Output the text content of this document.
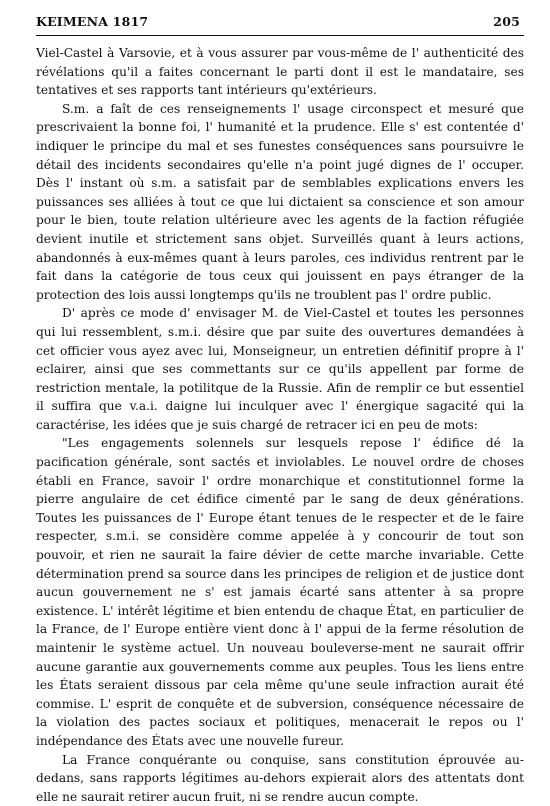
KEIMENA 1817	205

Viel-Castel à Varsovie, et à vous assurer par vous-même de l' authenticité des révélations qu'il a faites concernant le parti dont il est le mandataire, ses tentatives et ses rapports tant intérieurs qu'extérieurs.

S.m. a faît de ces renseignements l' usage circonspect et mesuré que prescrivaient la bonne foi, l' humanité et la prudence. Elle s' est contentée d' indiquer le principe du mal et ses funestes conséquences sans poursuivre le détail des incidents secondaires qu'elle n'a point jugé dignes de l' occuper. Dès l' instant où s.m. a satisfait par de semblables explications envers les puissances ses alliées à tout ce que lui dictaient sa conscience et son amour pour le bien, toute relation ultérieure avec les agents de la faction réfugiée devient inutile et strictement sans objet. Surveillés quant à leurs actions, abandonnés à eux-mêmes quant à leurs paroles, ces individus rentrent par le fait dans la catégorie de tous ceux qui jouissent en pays étranger de la protection des lois aussi longtemps qu'ils ne troublent pas l' ordre public.

D' après ce mode d' envisager M. de Viel-Castel et toutes les personnes qui lui ressemblent, s.m.i. désire que par suite des ouvertures demandées à cet officier vous ayez avec lui, Monseigneur, un entretien définitif propre à l' eclairer, ainsi que ses commettants sur ce qu'ils appellent par forme de restriction mentale, la potilitque de la Russie. Afin de remplir ce but essentiel il suffira que v.a.i. daigne lui inculquer avec l' énergique sagacité qui la caractérise, les idées que je suis chargé de retracer ici en peu de mots:

"Les engagements solennels sur lesquels repose l' édifice dé la pacification générale, sont sactés et inviolables. Le nouvel ordre de choses établi en France, savoir l' ordre monarchique et constitutionnel forme la pierre angulaire de cet édifice cimenté par le sang de deux générations. Toutes les puissances de l' Europe étant tenues de le respecter et de le faire respecter, s.m.i. se considère comme appelée à y concourir de tout son pouvoir, et rien ne saurait la faire dévier de cette marche invariable. Cette détermination prend sa source dans les principes de religion et de justice dont aucun gouvernement ne s' est jamais écarté sans attenter à sa propre existence. L' intérêt légitime et bien entendu de chaque État, en particulier de la France, de l' Europe entière vient donc à l' appui de la ferme résolution de maintenir le système actuel. Un nouveau bouleverse-ment ne saurait offrir aucune garantie aux gouvernements comme aux peuples. Tous les liens entre les États seraient dissous par cela même qu'une seule infraction aurait été commise. L' esprit de conquête et de subversion, conséquence nécessaire de la violation des pactes sociaux et politiques, menacerait le repos ou l' indépendance des États avec une nouvelle fureur.

La France conquérante ou conquise, sans constitution éprouvée au-dedans, sans rapports légitimes au-dehors expierait alors des attentats dont elle ne saurait retirer aucun fruit, ni se rendre aucun compte.
